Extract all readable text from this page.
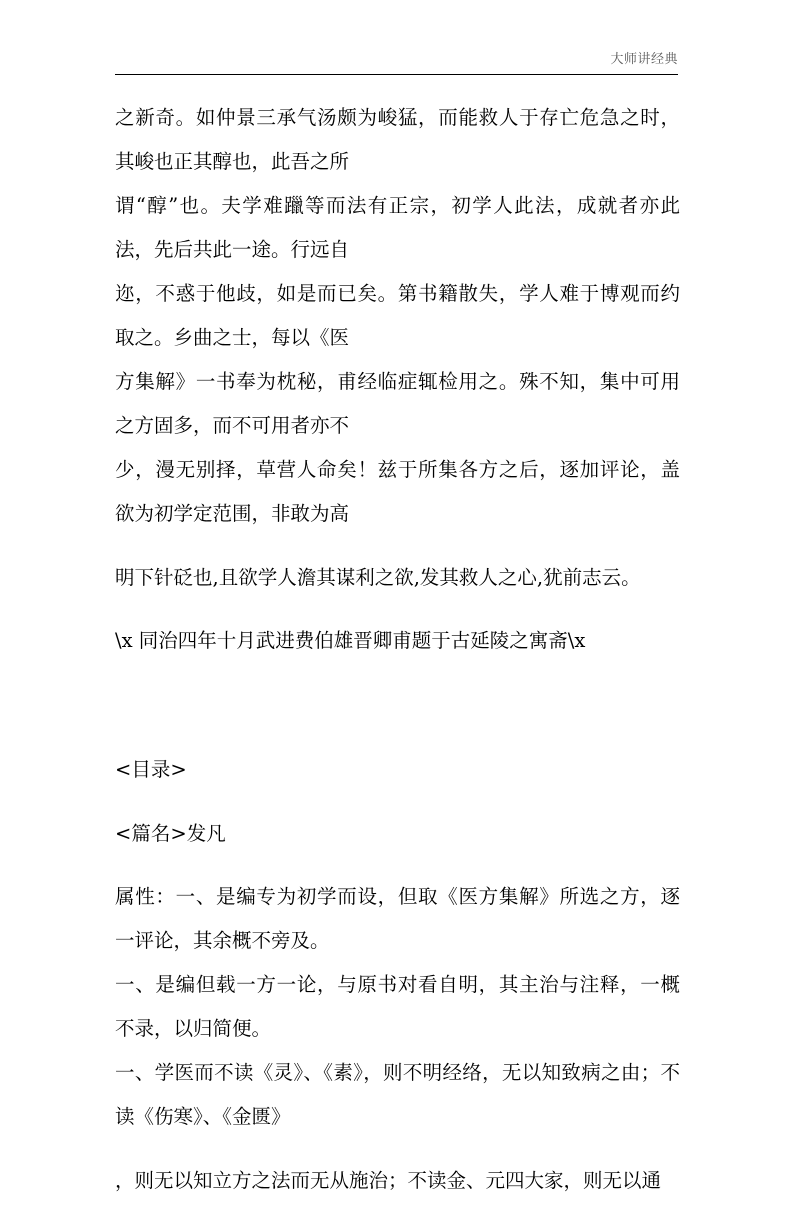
大师讲经典

之新奇。如仲景三承气汤颇为峻猛，而能救人于存亡危急之时，其峻也正其醇也，此吾之所

谓“醇”也。夫学难躐等而法有正宗，初学人此法，成就者亦此法，先后共此一途。行远自

迩，不惑于他歧，如是而已矣。第书籍散失，学人难于博观而约取之。乡曲之士，每以《医

方集解》一书奉为枕秘，甫经临症辄检用之。殊不知，集中可用之方固多，而不可用者亦不

少，漫无别择，草营人命矣！兹于所集各方之后，逐加评论，盖欲为初学定范围，非敢为高

明下针砭也,且欲学人澹其谋利之欲,发其救人之心,犹前志云。

\x 同治四年十月武进费伯雄晋卿甫题于古延陵之寓斋\x

<目录>

<篇名>发凡

属性：一、是编专为初学而设，但取《医方集解》所选之方，逐一评论，其余概不旁及。

一、是编但载一方一论，与原书对看自明，其主治与注释，一概不录，以归简便。

一、学医而不读《灵》、《素》，则不明经络，无以知致病之由；不读《伤寒》、《金匮》

，则无以知立方之法而无从施治；不读金、元四大家，则无以通
